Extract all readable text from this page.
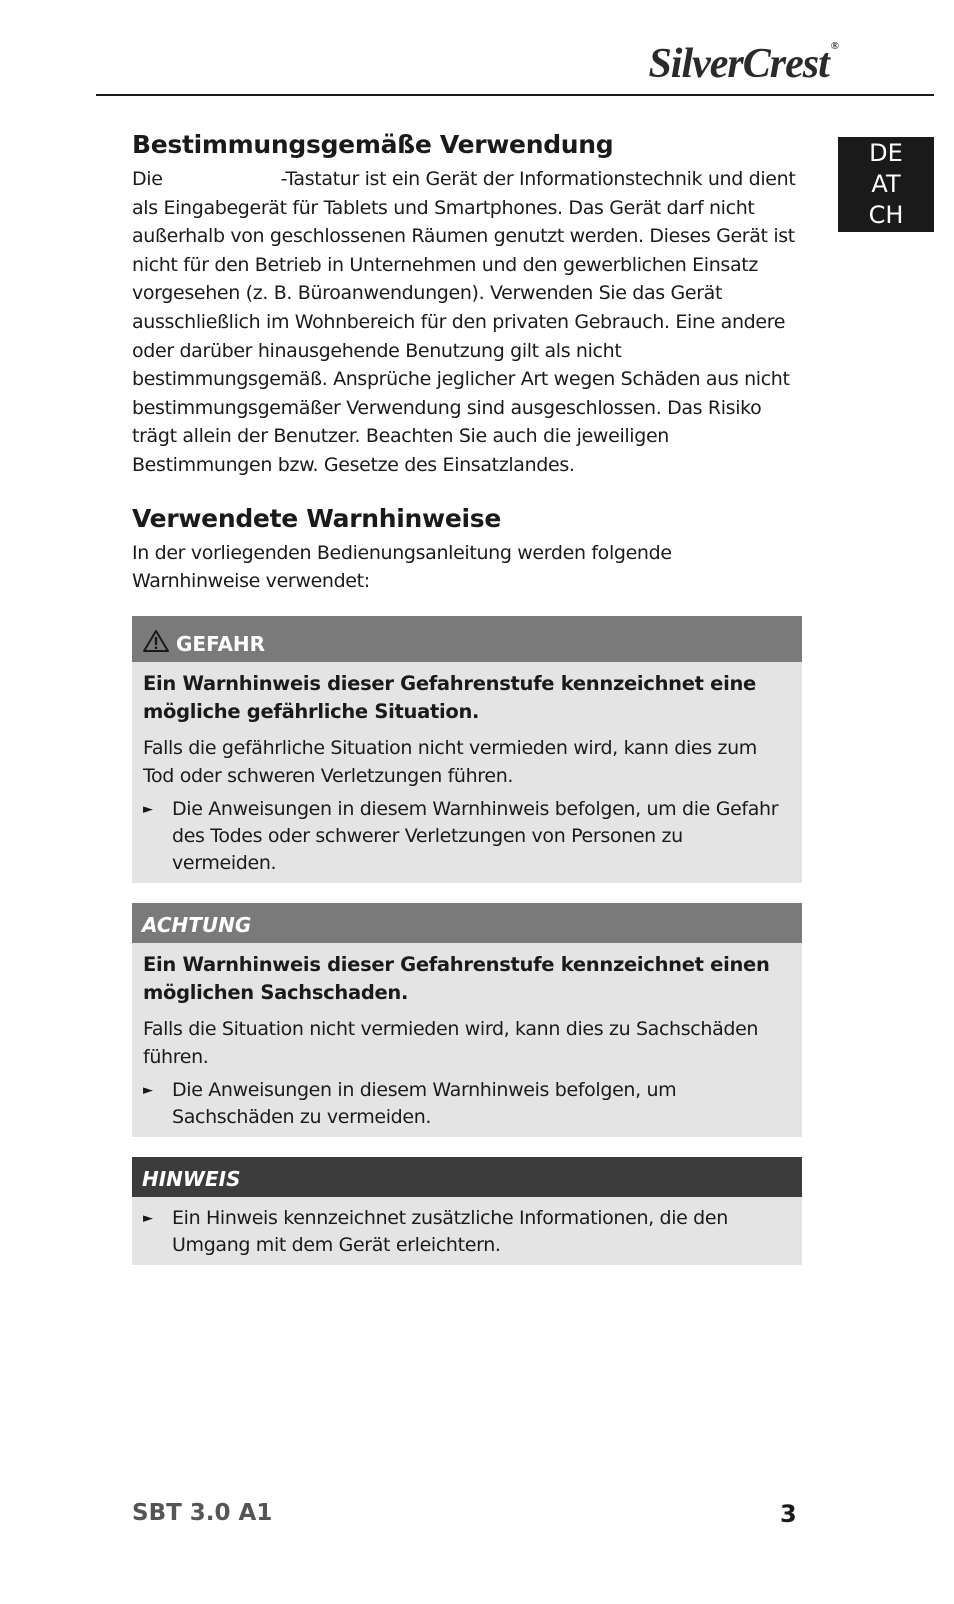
SilverCrest ®
DE
AT
CH
Bestimmungsgemäße Verwendung

Die	-Tastatur ist ein Gerät der Informationstechnik und dient als Eingabegerät für Tablets und Smartphones. Das Gerät darf nicht außerhalb von geschlossenen Räumen genutzt werden. Dieses Gerät ist nicht für den Betrieb in Unternehmen und den gewerblichen Einsatz vorgesehen (z. B. Büroanwendungen). Verwenden Sie das Gerät ausschließlich im Wohnbereich für den privaten Gebrauch. Eine andere oder darüber hinausgehende Benutzung gilt als nicht bestimmungsgemäß. Ansprüche jeglicher Art wegen Schäden aus nicht bestimmungsgemäßer Verwendung sind ausgeschlossen. Das Risiko trägt allein der Benutzer. Beachten Sie auch die jeweiligen Bestimmungen bzw. Gesetze des Einsatzlandes.

Verwendete Warnhinweise

In der vorliegenden Bedienungsanleitung werden folgende Warnhinweise verwendet:

GEFAHR

Ein Warnhinweis dieser Gefahrenstufe kennzeichnet eine mögliche gefährliche Situation.

Falls die gefährliche Situation nicht vermieden wird, kann dies zum Tod oder schweren Verletzungen führen.

►	Die Anweisungen in diesem Warnhinweis befolgen, um die Gefahr des Todes oder schwerer Verletzungen von Personen zu vermeiden.
ACHTUNG

Ein Warnhinweis dieser Gefahrenstufe kennzeichnet einen möglichen Sachschaden.

Falls die Situation nicht vermieden wird, kann dies zu Sachschäden führen.

►	Die Anweisungen in diesem Warnhinweis befolgen, um Sachschäden zu vermeiden.
HINWEIS
►	Ein Hinweis kennzeichnet zusätzliche Informationen, die den Umgang mit dem Gerät erleichtern.
SBT 3.0 A1	3
